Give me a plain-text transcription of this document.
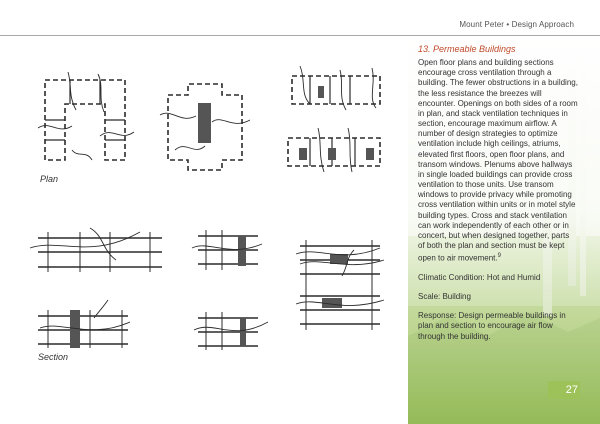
Mount Peter • Design Approach
13. Permeable Buildings

Open floor plans and building sections encourage cross ventilation through a building. The fewer obstructions in a building, the less resistance the breezes will encounter. Openings on both sides of a room in plan, and stack ventilation techniques in section, encourage maximum airflow. A number of design strategies to optimize ventilation include high ceilings, atriums, elevated first floors, open floor plans, and transom windows. Plenums above hallways in single loaded buildings can provide cross ventilation to those units. Use transom windows to provide privacy while promoting cross ventilation within units or in motel style building types. Cross and stack ventilation can work independently of each other or in concert, but when designed together, parts of both the plan and section must be kept open to air movement.$^9$

Climatic Condition: Hot and Humid

Scale: Building

Response: Design permeable buildings in plan and section to encourage air flow through the building.

27
Plan
Section
